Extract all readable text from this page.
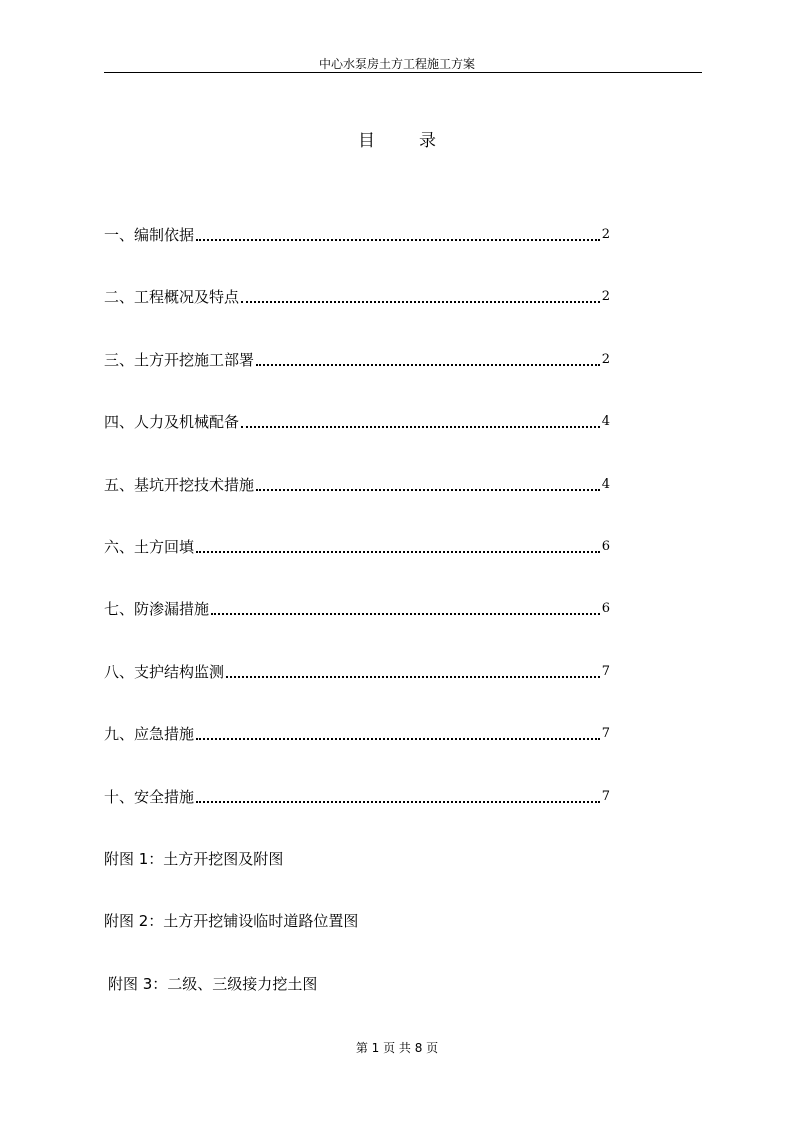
中心水泵房土方工程施工方案
目录
一、编制依据	2
二、工程概况及特点	2
三、土方开挖施工部署	2
四、人力及机械配备	4
五、基坑开挖技术措施	4
六、土方回填	6
七、防渗漏措施	6
八、支护结构监测	7
九、应急措施	7
十、安全措施	7
附图 1：土方开挖图及附图
附图 2：土方开挖铺设临时道路位置图
附图 3：二级、三级接力挖土图
第 1 页 共 8 页
